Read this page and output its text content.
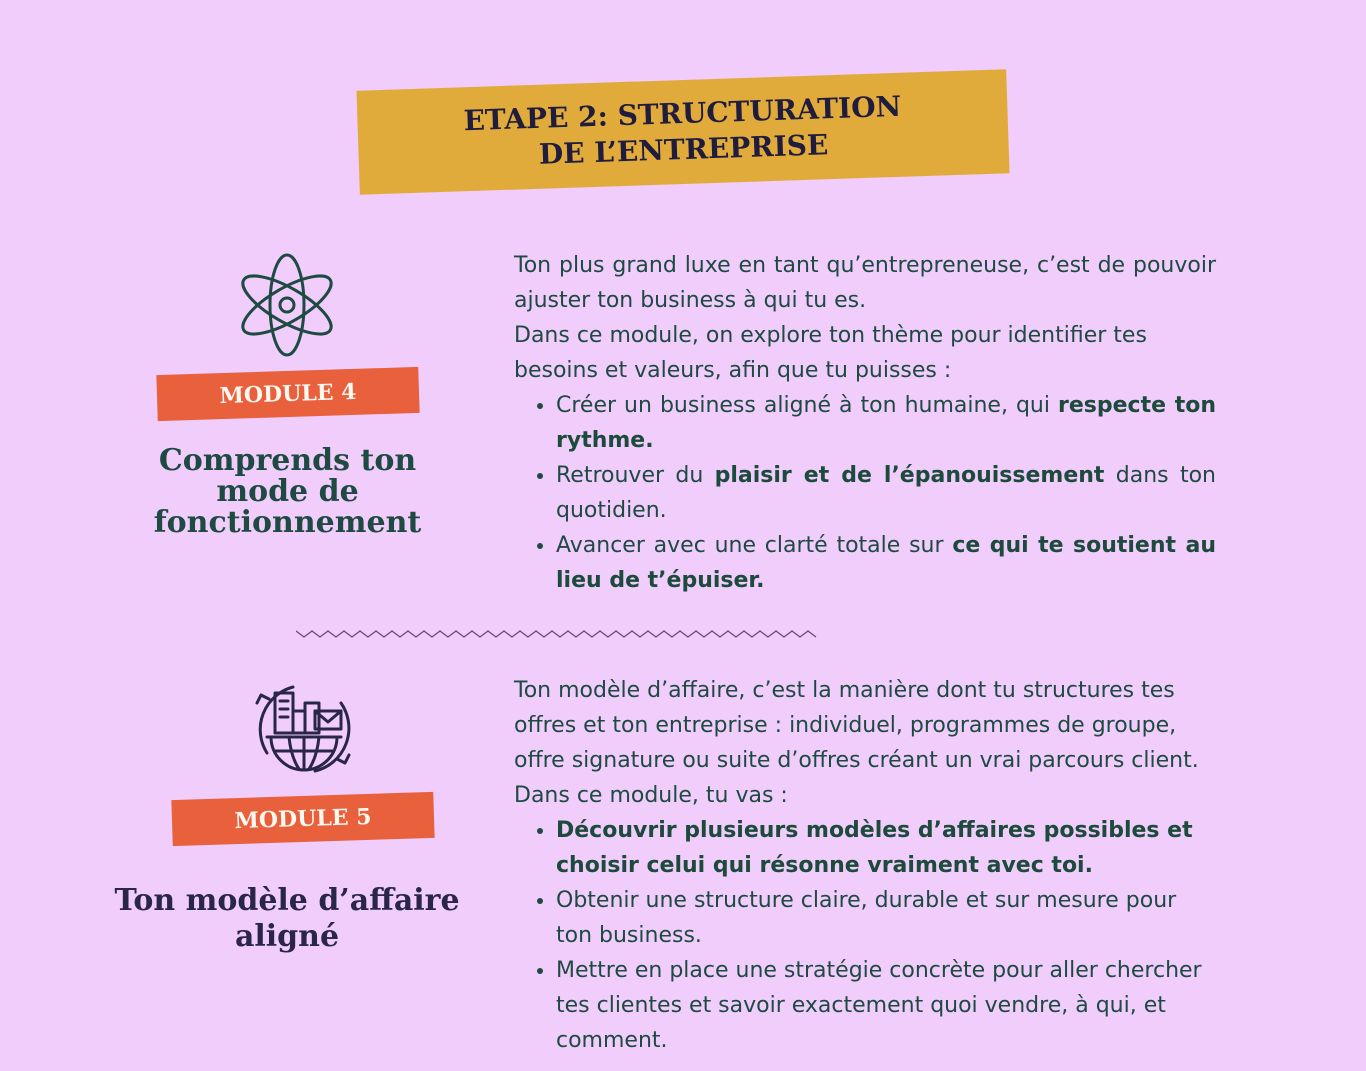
ETAPE 2: STRUCTURATION DE L’ENTREPRISE
MODULE 4
Comprends ton mode de fonctionnement

Ton plus grand luxe en tant qu’entrepreneuse, c’est de pouvoir ajuster ton business à qui tu es.

Dans ce module, on explore ton thème pour identifier tes besoins et valeurs, afin que tu puisses :

• Créer un business aligné à ton humaine, qui respecte ton rythme.
• Retrouver du plaisir et de l’épanouissement dans ton quotidien.
• Avancer avec une clarté totale sur ce qui te soutient au lieu de t’épuiser.
MODULE 5
Ton modèle d’affaire aligné

Ton modèle d’affaire, c’est la manière dont tu structures tes offres et ton entreprise : individuel, programmes de groupe, offre signature ou suite d’offres créant un vrai parcours client.

Dans ce module, tu vas :

• Découvrir plusieurs modèles d’affaires possibles et choisir celui qui résonne vraiment avec toi.
• Obtenir une structure claire, durable et sur mesure pour ton business.
• Mettre en place une stratégie concrète pour aller chercher tes clientes et savoir exactement quoi vendre, à qui, et comment.
